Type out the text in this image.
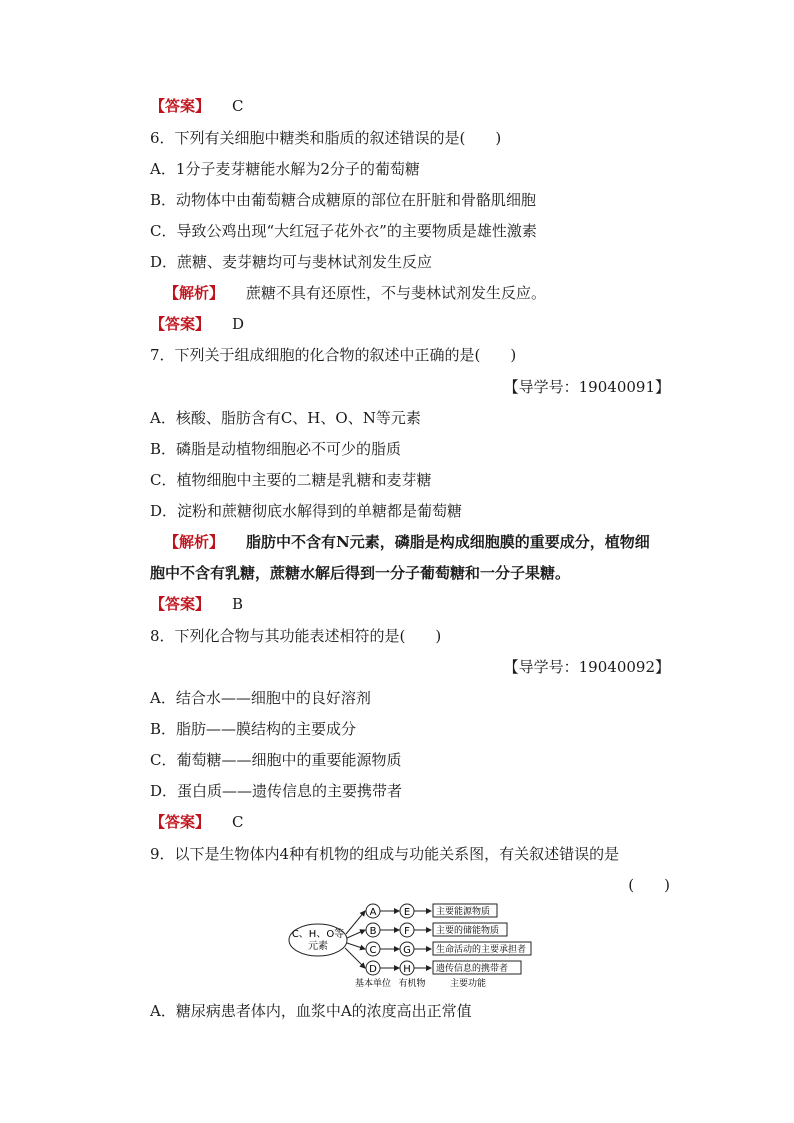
【答案】 C
6．下列有关细胞中糖类和脂质的叙述错误的是(　　)
A．1分子麦芽糖能水解为2分子的葡萄糖
B．动物体中由葡萄糖合成糖原的部位在肝脏和骨骼肌细胞
C．导致公鸡出现“大红冠子花外衣”的主要物质是雄性激素
D．蔗糖、麦芽糖均可与斐林试剂发生反应
【解析】 蔗糖不具有还原性，不与斐林试剂发生反应。
【答案】 D
7．下列关于组成细胞的化合物的叙述中正确的是(　　)
【导学号：19040091】
A．核酸、脂肪含有C、H、O、N等元素
B．磷脂是动植物细胞必不可少的脂质
C．植物细胞中主要的二糖是乳糖和麦芽糖
D．淀粉和蔗糖彻底水解得到的单糖都是葡萄糖
【解析】 脂肪中不含有N元素，磷脂是构成细胞膜的重要成分，植物细
胞中不含有乳糖，蔗糖水解后得到一分子葡萄糖和一分子果糖。
【答案】 B
8．下列化合物与其功能表述相符的是(　　)
【导学号：19040092】
A．结合水——细胞中的良好溶剂
B．脂肪——膜结构的主要成分
C．葡萄糖——细胞中的重要能源物质
D．蛋白质——遗传信息的主要携带者
【答案】 C
9．以下是生物体内4种有机物的组成与功能关系图，有关叙述错误的是
(　　)
C、H、O等
元素
A	E	主要能源物质
B	F	主要的储能物质
C	G	生命活动的主要承担者
D	H	遗传信息的携带者
基本单位 有机物	主要功能
A．糖尿病患者体内，血浆中A的浓度高出正常值
